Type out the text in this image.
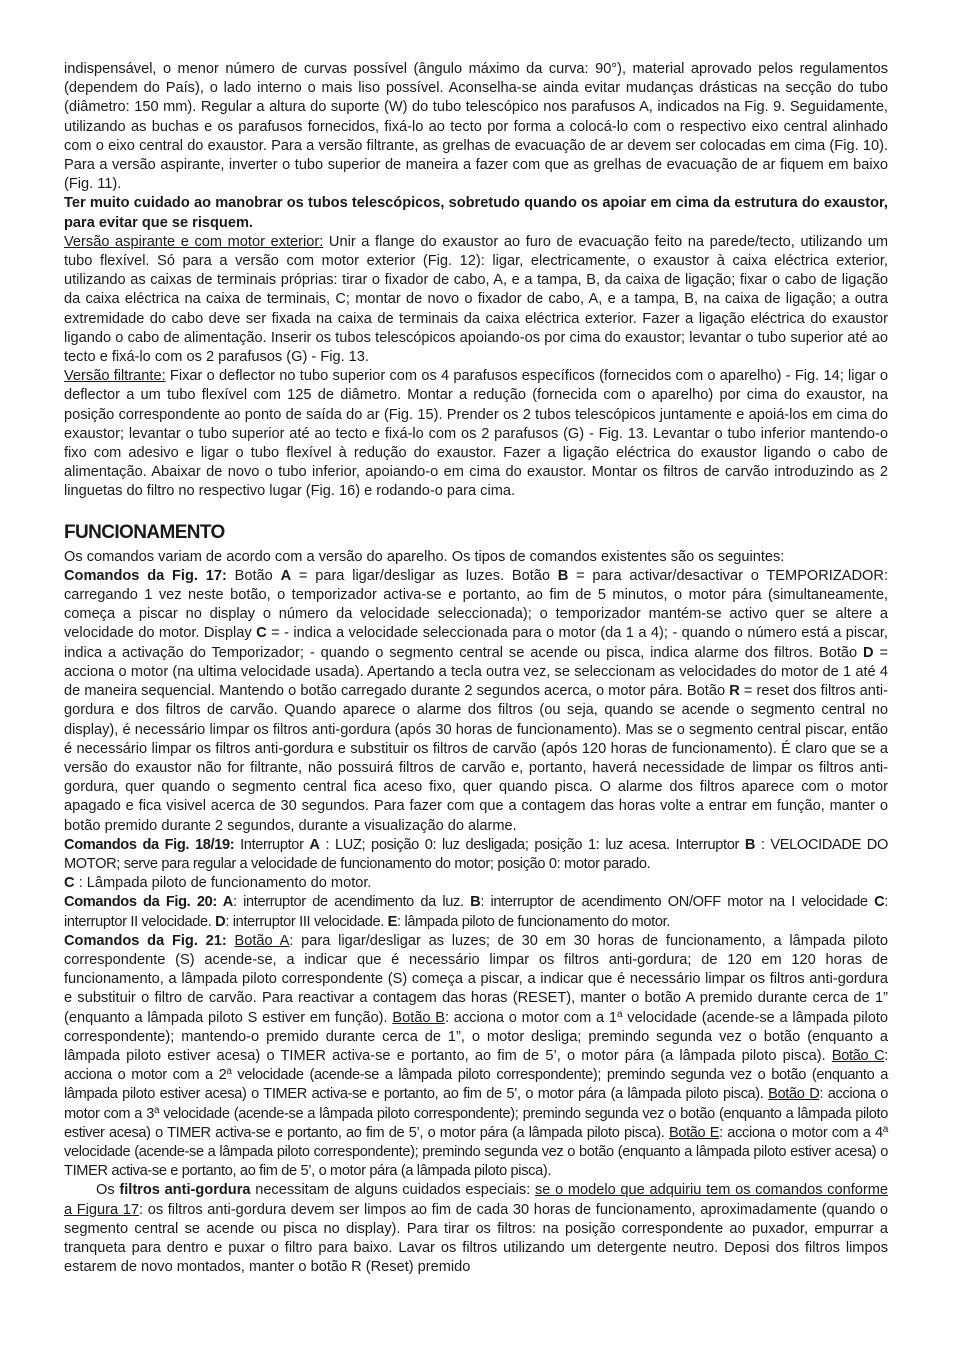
indispensável, o menor número de curvas possível (ângulo máximo da curva: 90°), material aprovado pelos regulamentos (dependem do País), o lado interno o mais liso possível. Aconselha-se ainda evitar mudanças drásticas na secção do tubo (diâmetro: 150 mm). Regular a altura do suporte (W) do tubo telescópico nos parafusos A, indicados na Fig. 9. Seguidamente, utilizando as buchas e os parafusos fornecidos, fixá-lo ao tecto por forma a colocá-lo com o respectivo eixo central alinhado com o eixo central do exaustor. Para a versão filtrante, as grelhas de evacuação de ar devem ser colocadas em cima (Fig. 10). Para a versão aspirante, inverter o tubo superior de maneira a fazer com que as grelhas de evacuação de ar fiquem em baixo (Fig. 11).

Ter muito cuidado ao manobrar os tubos telescópicos, sobretudo quando os apoiar em cima da estrutura do exaustor, para evitar que se risquem.

Versão aspirante e com motor exterior: Unir a flange do exaustor ao furo de evacuação feito na parede/tecto, utilizando um tubo flexível. Só para a versão com motor exterior (Fig. 12): ligar, electricamente, o exaustor à caixa eléctrica exterior, utilizando as caixas de terminais próprias: tirar o fixador de cabo, A, e a tampa, B, da caixa de ligação; fixar o cabo de ligação da caixa eléctrica na caixa de terminais, C; montar de novo o fixador de cabo, A, e a tampa, B, na caixa de ligação; a outra extremidade do cabo deve ser fixada na caixa de terminais da caixa eléctrica exterior. Fazer a ligação eléctrica do exaustor ligando o cabo de alimentação. Inserir os tubos telescópicos apoiando-os por cima do exaustor; levantar o tubo superior até ao tecto e fixá-lo com os 2 parafusos (G) - Fig. 13.

Versão filtrante: Fixar o deflector no tubo superior com os 4 parafusos específicos (fornecidos com o aparelho) - Fig. 14; ligar o deflector a um tubo flexível com 125 de diâmetro. Montar a redução (fornecida com o aparelho) por cima do exaustor, na posição correspondente ao ponto de saída do ar (Fig. 15). Prender os 2 tubos telescópicos juntamente e apoiá-los em cima do exaustor; levantar o tubo superior até ao tecto e fixá-lo com os 2 parafusos (G) - Fig. 13. Levantar o tubo inferior mantendo-o fixo com adesivo e ligar o tubo flexível à redução do exaustor. Fazer a ligação eléctrica do exaustor ligando o cabo de alimentação. Abaixar de novo o tubo inferior, apoiando-o em cima do exaustor. Montar os filtros de carvão introduzindo as 2 linguetas do filtro no respectivo lugar (Fig. 16) e rodando-o para cima.

FUNCIONAMENTO

Os comandos variam de acordo com a versão do aparelho. Os tipos de comandos existentes são os seguintes:

Comandos da Fig. 17: Botão A = para ligar/desligar as luzes. Botão B = para activar/desactivar o TEMPORIZADOR: carregando 1 vez neste botão, o temporizador activa-se e portanto, ao fim de 5 minutos, o motor pára (simultaneamente, começa a piscar no display o número da velocidade seleccionada); o temporizador mantém-se activo quer se altere a velocidade do motor. Display C = - indica a velocidade seleccionada para o motor (da 1 a 4); - quando o número está a piscar, indica a activação do Temporizador; - quando o segmento central se acende ou pisca, indica alarme dos filtros. Botão D = acciona o motor (na ultima velocidade usada). Apertando a tecla outra vez, se seleccionam as velocidades do motor de 1 até 4 de maneira sequencial. Mantendo o botão carregado durante 2 segundos acerca, o motor pára. Botão R = reset dos filtros anti-gordura e dos filtros de carvão. Quando aparece o alarme dos filtros (ou seja, quando se acende o segmento central no display), é necessário limpar os filtros anti-gordura (após 30 horas de funcionamento). Mas se o segmento central piscar, então é necessário limpar os filtros anti-gordura e substituir os filtros de carvão (após 120 horas de funcionamento). É claro que se a versão do exaustor não for filtrante, não possuirá filtros de carvão e, portanto, haverá necessidade de limpar os filtros anti-gordura, quer quando o segmento central fica aceso fixo, quer quando pisca. O alarme dos filtros aparece com o motor apagado e fica visivel acerca de 30 segundos. Para fazer com que a contagem das horas volte a entrar em função, manter o botão premido durante 2 segundos, durante a visualização do alarme.

Comandos da Fig. 18/19: Interruptor A : LUZ; posição 0: luz desligada; posição 1: luz acesa. Interruptor B : VELOCIDADE DO MOTOR; serve para regular a velocidade de funcionamento do motor; posição 0: motor parado.

C : Lâmpada piloto de funcionamento do motor.

Comandos da Fig. 20: A: interruptor de acendimento da luz. B: interruptor de acendimento ON/OFF motor na I velocidade C: interruptor II velocidade. D: interruptor III velocidade. E: lâmpada piloto de funcionamento do motor.

Comandos da Fig. 21: Botão A: para ligar/desligar as luzes; de 30 em 30 horas de funcionamento, a lâmpada piloto correspondente (S) acende-se, a indicar que é necessário limpar os filtros anti-gordura; de 120 em 120 horas de funcionamento, a lâmpada piloto correspondente (S) começa a piscar, a indicar que é necessário limpar os filtros anti-gordura e substituir o filtro de carvão. Para reactivar a contagem das horas (RESET), manter o botão A premido durante cerca de 1” (enquanto a lâmpada piloto S estiver em função). Botão B: acciona o motor com a 1$^a$ velocidade (acende-se a lâmpada piloto correspondente); mantendo-o premido durante cerca de 1”, o motor desliga; premindo segunda vez o botão (enquanto a lâmpada piloto estiver acesa) o TIMER activa-se e portanto, ao fim de 5’, o motor pára (a lâmpada piloto pisca). Botão C: acciona o motor com a 2$^a$ velocidade (acende-se a lâmpada piloto correspondente); premindo segunda vez o botão (enquanto a lâmpada piloto estiver acesa) o TIMER activa-se e portanto, ao fim de 5’, o motor pára (a lâmpada piloto pisca). Botão D: acciona o motor com a 3$^a$ velocidade (acende-se a lâmpada piloto correspondente); premindo segunda vez o botão (enquanto a lâmpada piloto estiver acesa) o TIMER activa-se e portanto, ao fim de 5’, o motor pára (a lâmpada piloto pisca). Botão E: acciona o motor com a 4$^a$ velocidade (acende-se a lâmpada piloto correspondente); premindo segunda vez o botão (enquanto a lâmpada piloto estiver acesa) o TIMER activa-se e portanto, ao fim de 5’, o motor pára (a lâmpada piloto pisca).

Os filtros anti-gordura necessitam de alguns cuidados especiais: se o modelo que adquiriu tem os comandos conforme a Figura 17: os filtros anti-gordura devem ser limpos ao fim de cada 30 horas de funcionamento, aproximadamente (quando o segmento central se acende ou pisca no display). Para tirar os filtros: na posição correspondente ao puxador, empurrar a tranqueta para dentro e puxar o filtro para baixo. Lavar os filtros utilizando um detergente neutro. Deposi dos filtros limpos estarem de novo montados, manter o botão R (Reset) premido
